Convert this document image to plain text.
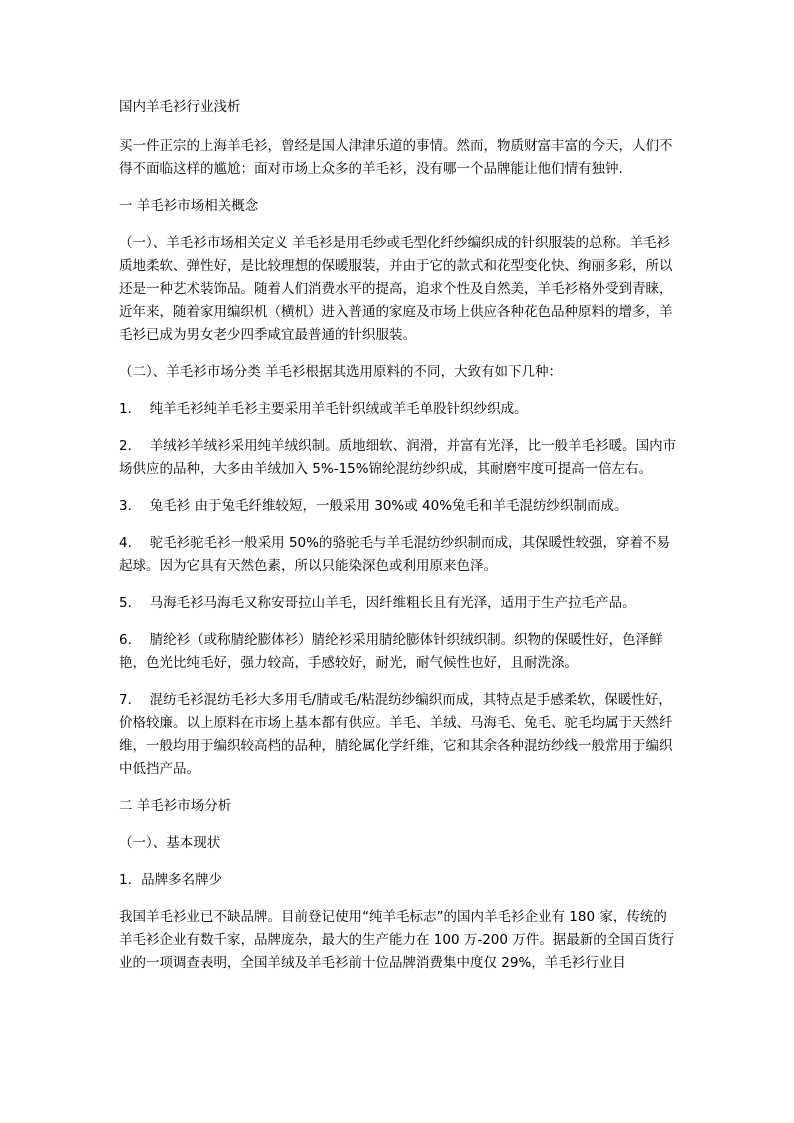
国内羊毛衫行业浅析

买一件正宗的上海羊毛衫，曾经是国人津津乐道的事情。然而，物质财富丰富的今天，人们不得不面临这样的尴尬：面对市场上众多的羊毛衫，没有哪一个品牌能让他们情有独钟.

一 羊毛衫市场相关概念

（一）、羊毛衫市场相关定义 羊毛衫是用毛纱或毛型化纤纱编织成的针织服装的总称。羊毛衫质地柔软、弹性好，是比较理想的保暖服装，并由于它的款式和花型变化快、绚丽多彩，所以还是一种艺术装饰品。随着人们消费水平的提高，追求个性及自然美，羊毛衫格外受到青睐，近年来，随着家用编织机（横机）进入普通的家庭及市场上供应各种花色品种原料的增多，羊毛衫已成为男女老少四季咸宜最普通的针织服装。

（二）、羊毛衫市场分类 羊毛衫根据其选用原料的不同，大致有如下几种：

1．  纯羊毛衫纯羊毛衫主要采用羊毛针织绒或羊毛单股针织纱织成。

2．  羊绒衫羊绒衫采用纯羊绒织制。质地细软、润滑，并富有光泽，比一般羊毛衫暖。国内市场供应的品种，大多由羊绒加入 5%-15%锦纶混纺纱织成，其耐磨牢度可提高一倍左右。

3．  兔毛衫 由于兔毛纤维较短，一般采用 30%或 40%兔毛和羊毛混纺纱织制而成。

4．  驼毛衫驼毛衫一般采用 50%的骆驼毛与羊毛混纺纱织制而成，其保暖性较强，穿着不易起球。因为它具有天然色素，所以只能染深色或利用原来色泽。

5．  马海毛衫马海毛又称安哥拉山羊毛，因纤维粗长且有光泽，适用于生产拉毛产品。

6．  腈纶衫（或称腈纶膨体衫）腈纶衫采用腈纶膨体针织绒织制。织物的保暖性好，色泽鲜艳，色光比纯毛好，强力较高，手感较好，耐光，耐气候性也好，且耐洗涤。

7．  混纺毛衫混纺毛衫大多用毛/腈或毛/粘混纺纱编织而成，其特点是手感柔软，保暖性好，价格较廉。以上原料在市场上基本都有供应。羊毛、羊绒、马海毛、兔毛、驼毛均属于天然纤维，一般均用于编织较高档的品种，腈纶属化学纤维，它和其余各种混纺纱线一般常用于编织中低挡产品。

二 羊毛衫市场分析

（一）、基本现状

1．品牌多名牌少

我国羊毛衫业已不缺品牌。目前登记使用“纯羊毛标志”的国内羊毛衫企业有 180 家，传统的羊毛衫企业有数千家，品牌庞杂，最大的生产能力在 100 万-200 万件。据最新的全国百货行业的一项调查表明，全国羊绒及羊毛衫前十位品牌消费集中度仅 29%，羊毛衫行业目
